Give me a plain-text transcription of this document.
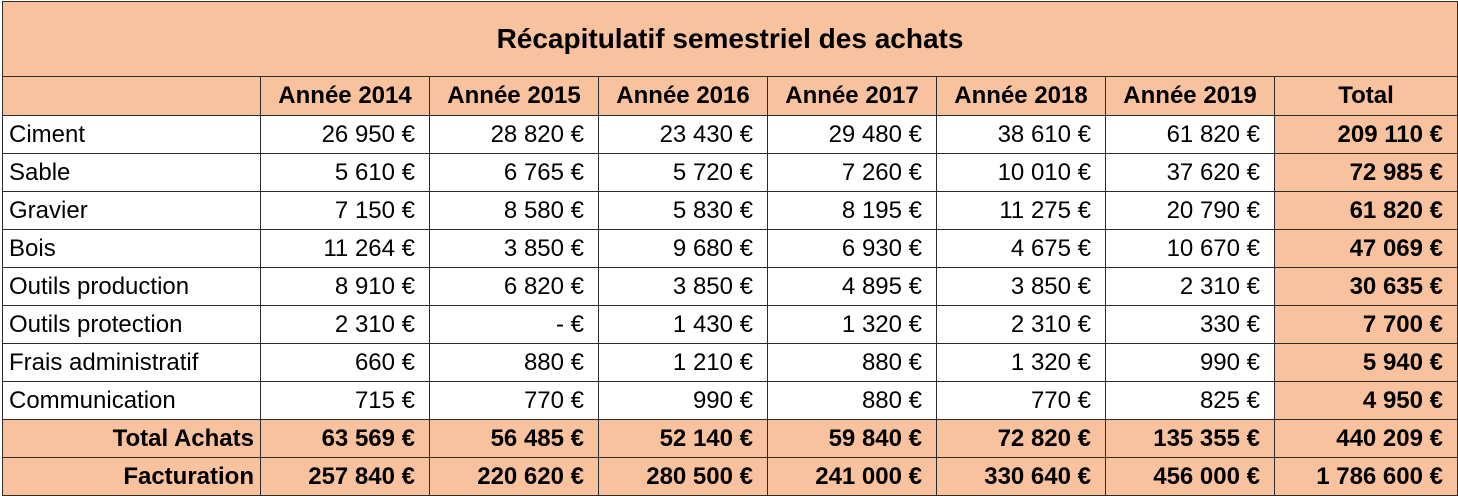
Récapitulatif semestriel des achats							
	Année 2014	Année 2015	Année 2016	Année 2017	Année 2018	Année 2019	Total
Ciment	26 950 €	28 820 €	23 430 €	29 480 €	38 610 €	61 820 €	209 110 €
Sable	5 610 €	6 765 €	5 720 €	7 260 €	10 010 €	37 620 €	72 985 €
Gravier	7 150 €	8 580 €	5 830 €	8 195 €	11 275 €	20 790 €	61 820 €
Bois	11 264 €	3 850 €	9 680 €	6 930 €	4 675 €	10 670 €	47 069 €
Outils production	8 910 €	6 820 €	3 850 €	4 895 €	3 850 €	2 310 €	30 635 €
Outils protection	2 310 €	- €	1 430 €	1 320 €	2 310 €	330 €	7 700 €
Frais administratif	660 €	880 €	1 210 €	880 €	1 320 €	990 €	5 940 €
Communication	715 €	770 €	990 €	880 €	770 €	825 €	4 950 €
Total Achats	63 569 €	56 485 €	52 140 €	59 840 €	72 820 €	135 355 €	440 209 €
Facturation	257 840 €	220 620 €	280 500 €	241 000 €	330 640 €	456 000 €	1 786 600 €
